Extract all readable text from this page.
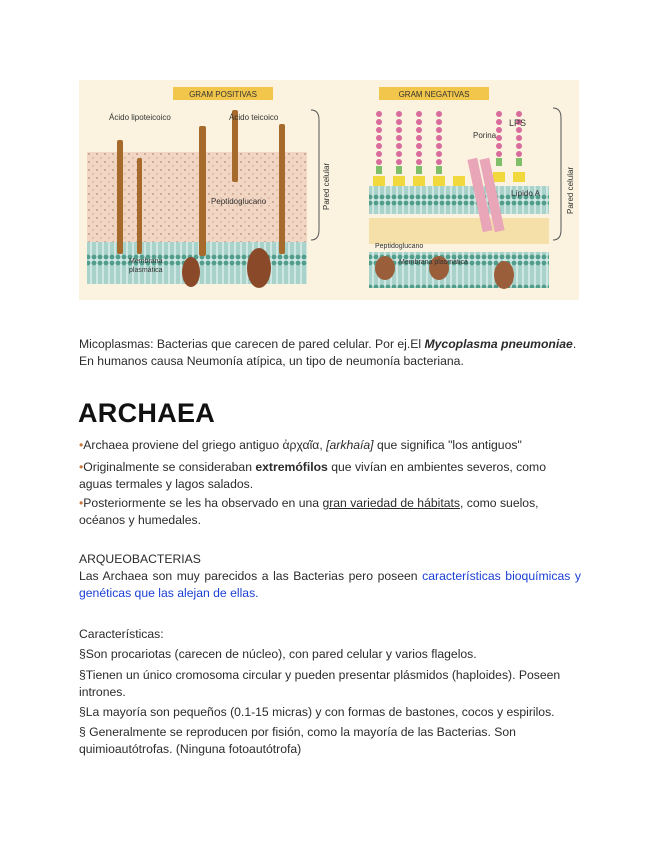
GRAM POSITIVAS
Ácido lipoteicoico	Ácido teicoico
Peptidoglucano
Membrana
plasmática
Pared celular
GRAM NEGATIVAS
Porina
LPS
Lípido A
Peptidoglucano
Membrana plasmática
Pared celular
Micoplasmas: Bacterias que carecen de pared celular. Por ej.El Mycoplasma pneumoniae. En humanos causa Neumonía atípica, un tipo de neumonía bacteriana.
ARCHAEA
•Archaea proviene del griego antiguo ἀρχαῖα, [arkhaía] que significa "los antiguos"
•Originalmente se consideraban extremófilos que vivían en ambientes severos, como aguas termales y lagos salados.
•Posteriormente se les ha observado en una gran variedad de hábitats, como suelos, océanos y humedales.
ARQUEOBACTERIAS
Las Archaea son muy parecidos a las Bacterias pero poseen características bioquímicas y genéticas que las alejan de ellas.
Características:
§Son procariotas (carecen de núcleo), con pared celular y varios flagelos.
§Tienen un único cromosoma circular y pueden presentar plásmidos (haploides). Poseen intrones.
§La mayoría son pequeños (0.1-15 micras) y con formas de bastones, cocos y espirilos.
§ Generalmente se reproducen por fisión, como la mayoría de las Bacterias. Son quimioautótrofas. (Ninguna fotoautótrofa)
